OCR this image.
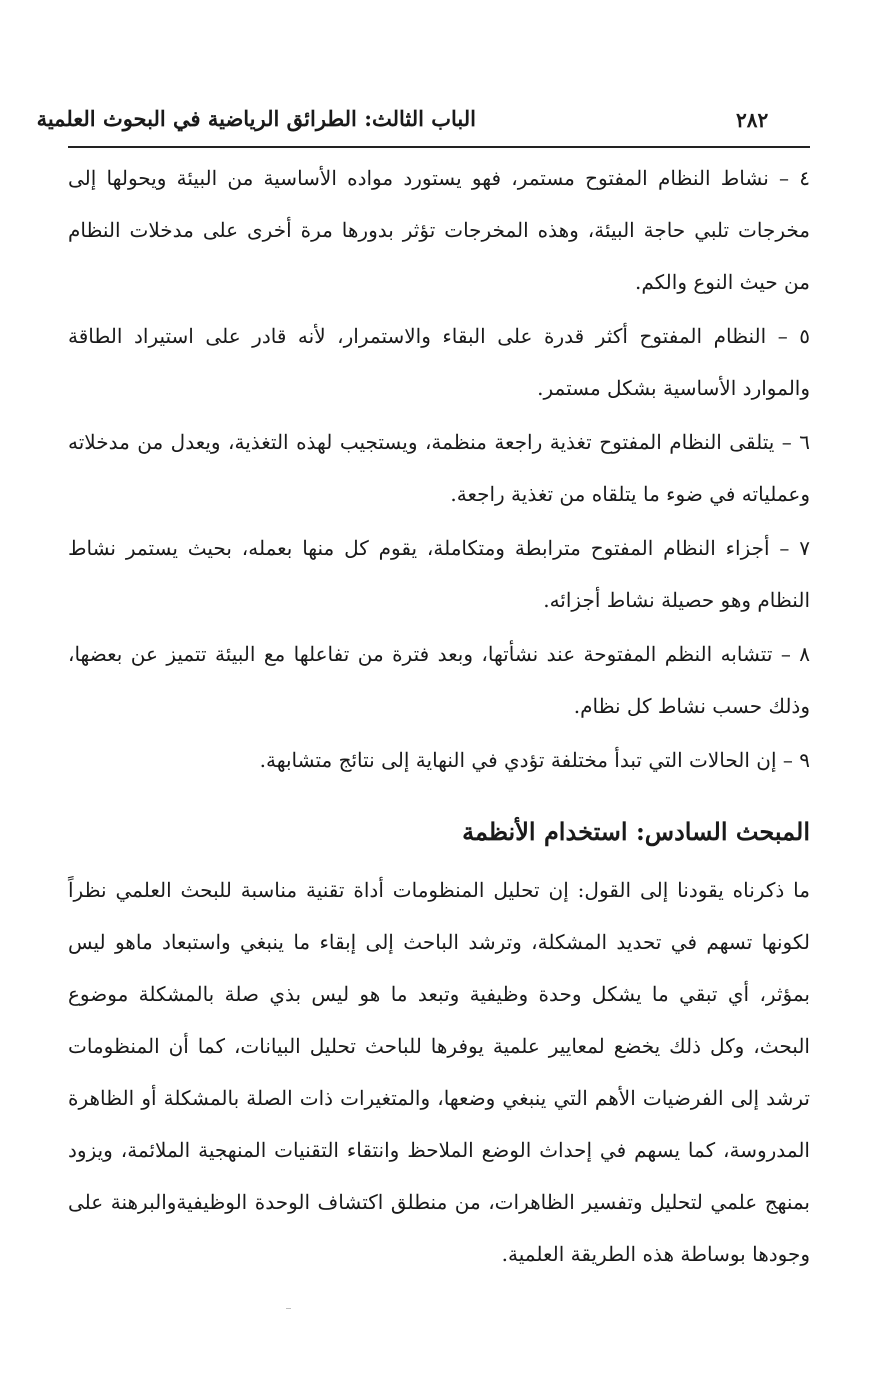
الباب الثالث: الطرائق الرياضية في البحوث العلمية	٢٨٢

٤ – نشاط النظام المفتوح مستمر، فهو يستورد مواده الأساسية من البيئة ويحولها إلى مخرجات تلبي حاجة البيئة، وهذه المخرجات تؤثر بدورها مرة أخرى على مدخلات النظام من حيث النوع والكم.

٥ – النظام المفتوح أكثر قدرة على البقاء والاستمرار، لأنه قادر على استيراد الطاقة والموارد الأساسية بشكل مستمر.

٦ – يتلقى النظام المفتوح تغذية راجعة منظمة، ويستجيب لهذه التغذية، ويعدل من مدخلاته وعملياته في ضوء ما يتلقاه من تغذية راجعة.

٧ – أجزاء النظام المفتوح مترابطة ومتكاملة، يقوم كل منها بعمله، بحيث يستمر نشاط النظام وهو حصيلة نشاط أجزائه.

٨ – تتشابه النظم المفتوحة عند نشأتها، وبعد فترة من تفاعلها مع البيئة تتميز عن بعضها، وذلك حسب نشاط كل نظام.

٩ – إن الحالات التي تبدأ مختلفة تؤدي في النهاية إلى نتائج متشابهة.

المبحث السادس: استخدام الأنظمة

ما ذكرناه يقودنا إلى القول: إن تحليل المنظومات أداة تقنية مناسبة للبحث العلمي نظراً لكونها تسهم في تحديد المشكلة، وترشد الباحث إلى إبقاء ما ينبغي واستبعاد ماهو ليس بمؤثر، أي تبقي ما يشكل وحدة وظيفية وتبعد ما هو ليس بذي صلة بالمشكلة موضوع البحث، وكل ذلك يخضع لمعايير علمية يوفرها للباحث تحليل البيانات، كما أن المنظومات ترشد إلى الفرضيات الأهم التي ينبغي وضعها، والمتغيرات ذات الصلة بالمشكلة أو الظاهرة المدروسة، كما يسهم في إحداث الوضع الملاحظ وانتقاء التقنيات المنهجية الملائمة، ويزود بمنهج علمي لتحليل وتفسير الظاهرات، من منطلق اكتشاف الوحدة الوظيفيةوالبرهنة على وجودها بوساطة هذه الطريقة العلمية.
